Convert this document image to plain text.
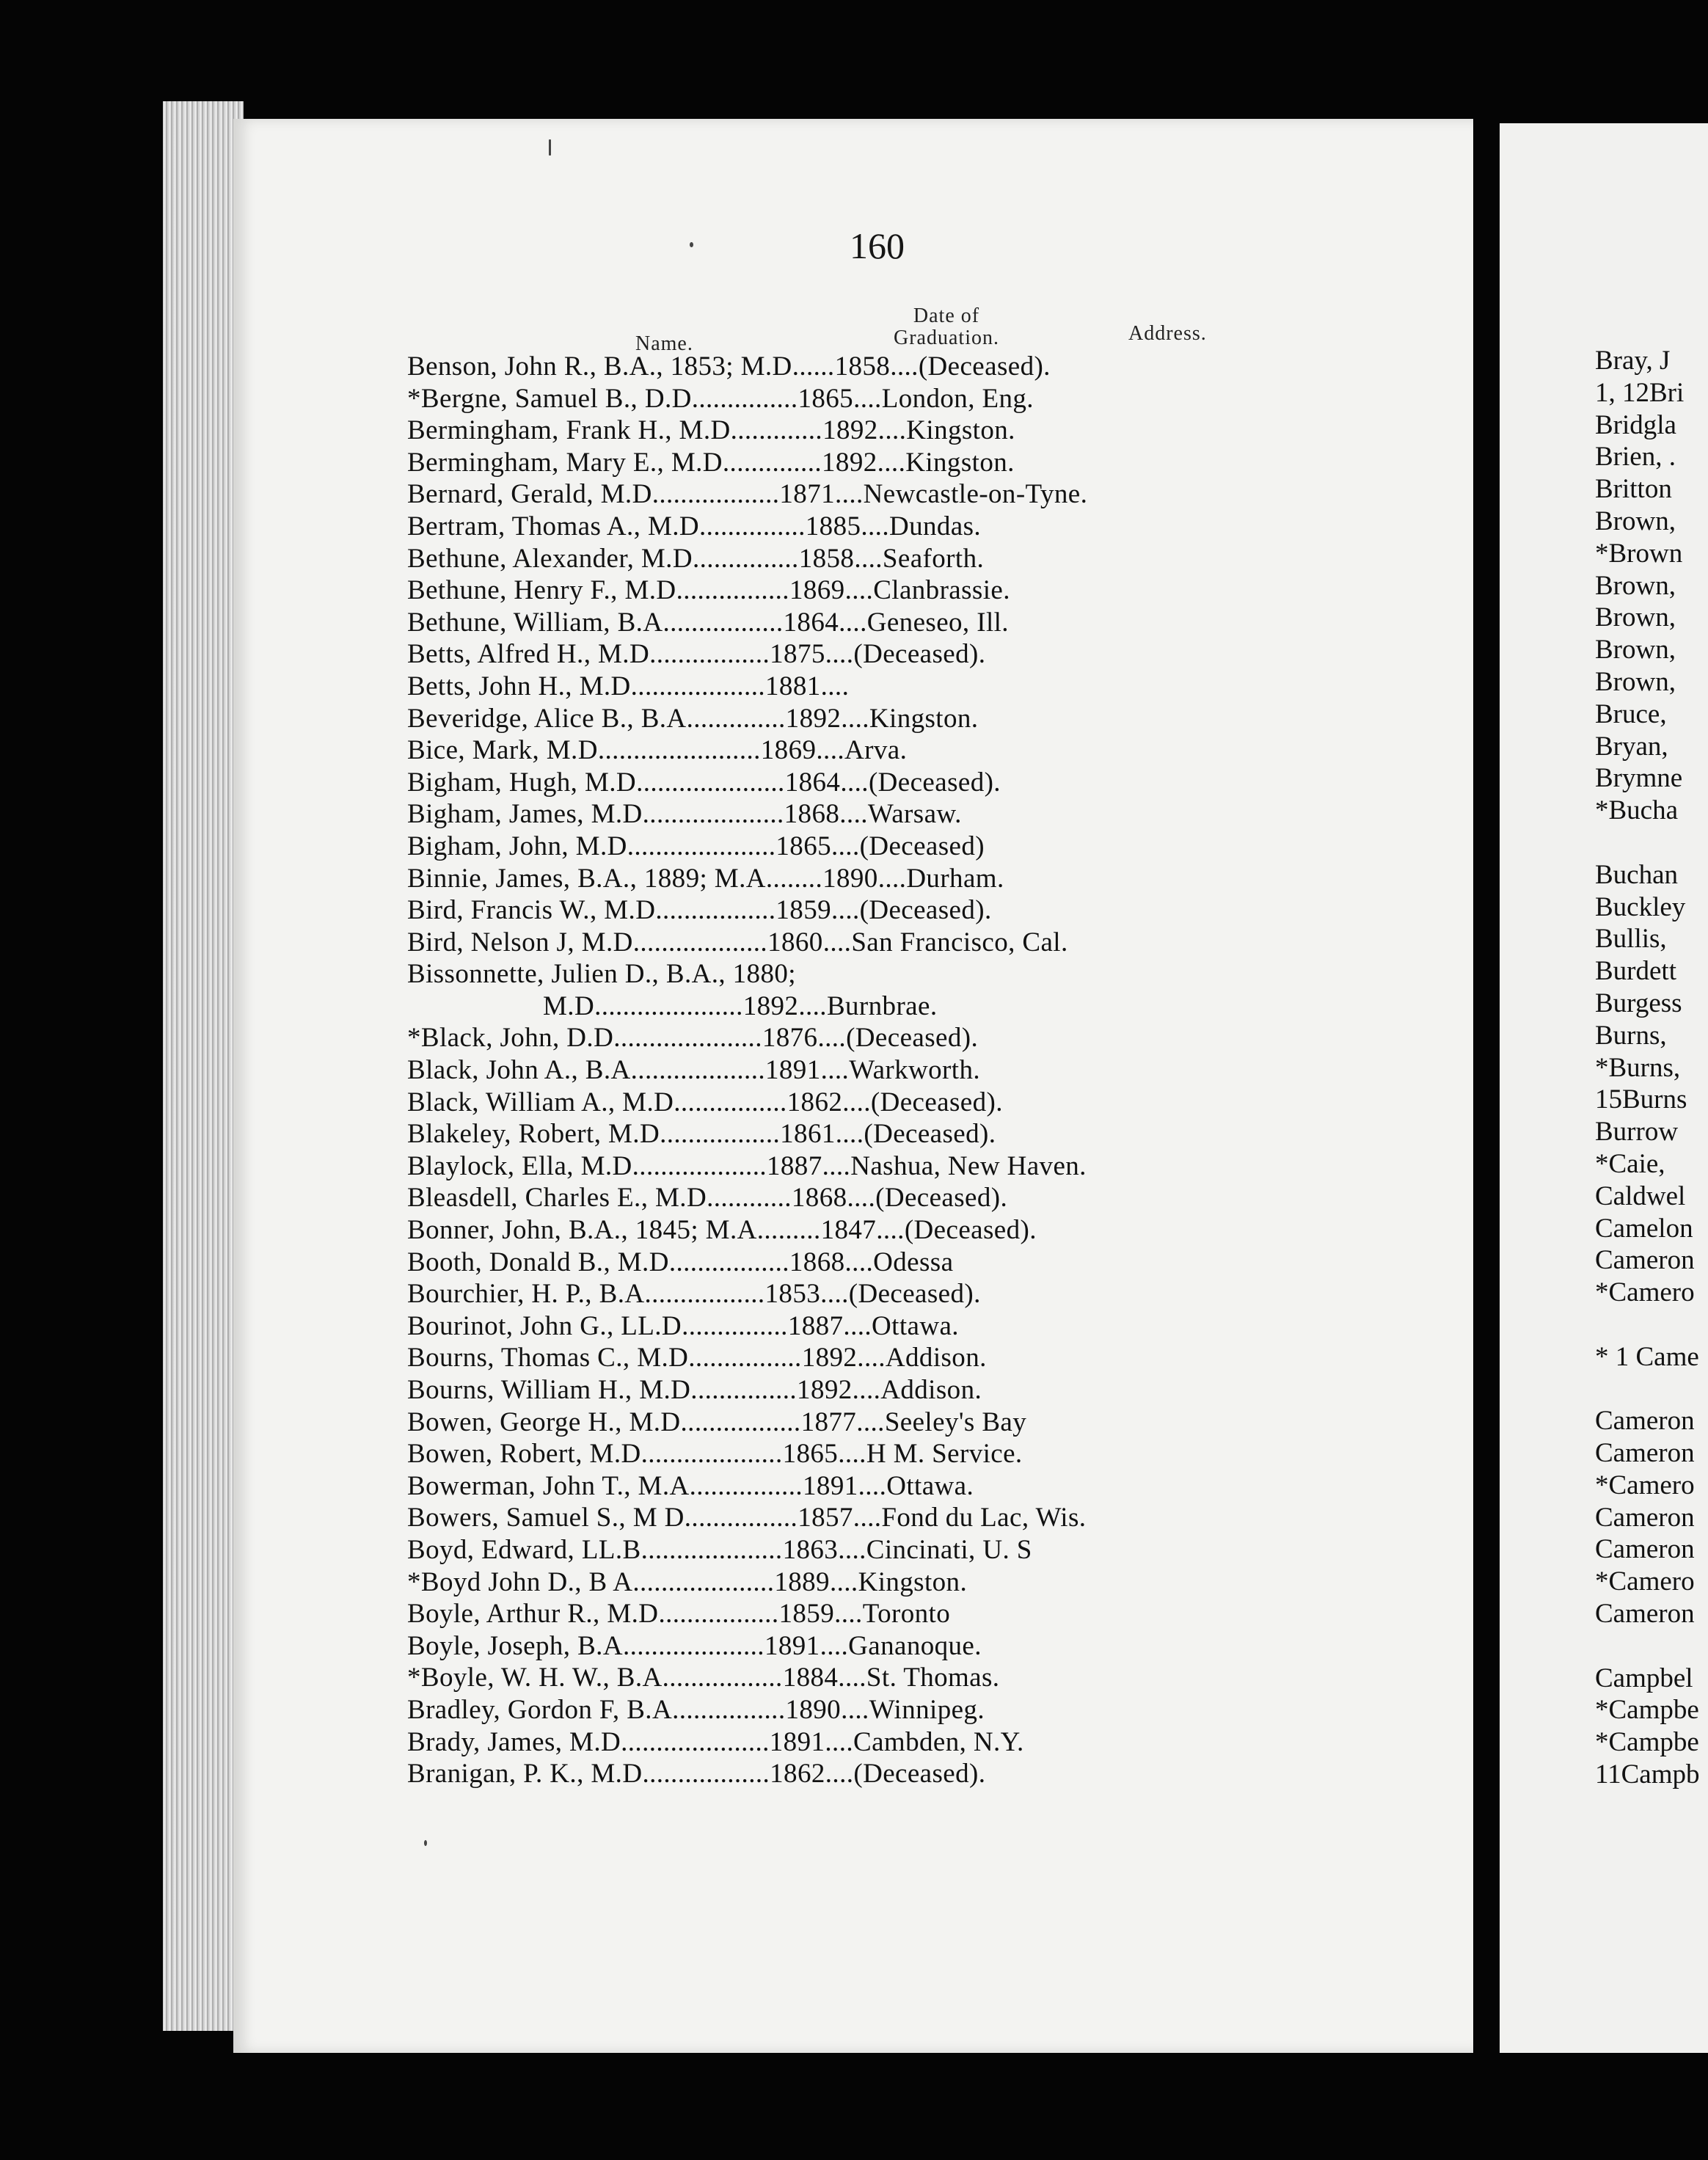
160
Name.
Date of
Graduation.	Address.
Benson, John R., B.A., 1853; M.D......1858....(Deceased).
*Bergne, Samuel B., D.D...............1865....London, Eng.
Bermingham, Frank H., M.D.............1892....Kingston.
Bermingham, Mary E., M.D..............1892....Kingston.
Bernard, Gerald, M.D..................1871....Newcastle-on-Tyne.
Bertram, Thomas A., M.D...............1885....Dundas.
Bethune, Alexander, M.D...............1858....Seaforth.
Bethune, Henry F., M.D................1869....Clanbrassie.
Bethune, William, B.A.................1864....Geneseo, Ill.
Betts, Alfred H., M.D.................1875....(Deceased).
Betts, John H., M.D...................1881....
Beveridge, Alice B., B.A..............1892....Kingston.
Bice, Mark, M.D.......................1869....Arva.
Bigham, Hugh, M.D.....................1864....(Deceased).
Bigham, James, M.D....................1868....Warsaw.
Bigham, John, M.D.....................1865....(Deceased)
Binnie, James, B.A., 1889; M.A........1890....Durham.
Bird, Francis W., M.D.................1859....(Deceased).
Bird, Nelson J, M.D...................1860....San Francisco, Cal.
Bissonnette, Julien D., B.A., 1880;
M.D.....................1892....Burnbrae.
*Black, John, D.D.....................1876....(Deceased).
Black, John A., B.A...................1891....Warkworth.
Black, William A., M.D................1862....(Deceased).
Blakeley, Robert, M.D.................1861....(Deceased).
Blaylock, Ella, M.D...................1887....Nashua, New Haven.
Bleasdell, Charles E., M.D............1868....(Deceased).
Bonner, John, B.A., 1845; M.A.........1847....(Deceased).
Booth, Donald B., M.D.................1868....Odessa
Bourchier, H. P., B.A.................1853....(Deceased).
Bourinot, John G., LL.D...............1887....Ottawa.
Bourns, Thomas C., M.D................1892....Addison.
Bourns, William H., M.D...............1892....Addison.
Bowen, George H., M.D.................1877....Seeley's Bay
Bowen, Robert, M.D....................1865....H M. Service.
Bowerman, John T., M.A................1891....Ottawa.
Bowers, Samuel S., M D................1857....Fond du Lac, Wis.
Boyd, Edward, LL.B....................1863....Cincinati, U. S
*Boyd John D., B A....................1889....Kingston.
Boyle, Arthur R., M.D.................1859....Toronto
Boyle, Joseph, B.A....................1891....Gananoque.
*Boyle, W. H. W., B.A.................1884....St. Thomas.
Bradley, Gordon F, B.A................1890....Winnipeg.
Brady, James, M.D.....................1891....Cambden, N.Y.
Branigan, P. K., M.D..................1862....(Deceased).
Bray, J
1, 12Bri
Bridgla
Brien, .
Britton
Brown,
*Brown
Brown,
Brown,
Brown,
Brown,
Bruce,
Bryan,
Brymne
*Bucha

Buchan
Buckley
Bullis,
Burdett
Burgess
Burns,
*Burns,
15Burns
Burrow
*Caie,
Caldwel
Camelon
Cameron
*Camero

* 1 Came

Cameron
Cameron
*Camero
Cameron
Cameron
*Camero
Cameron

Campbel
*Campbe
*Campbe
11Campb
